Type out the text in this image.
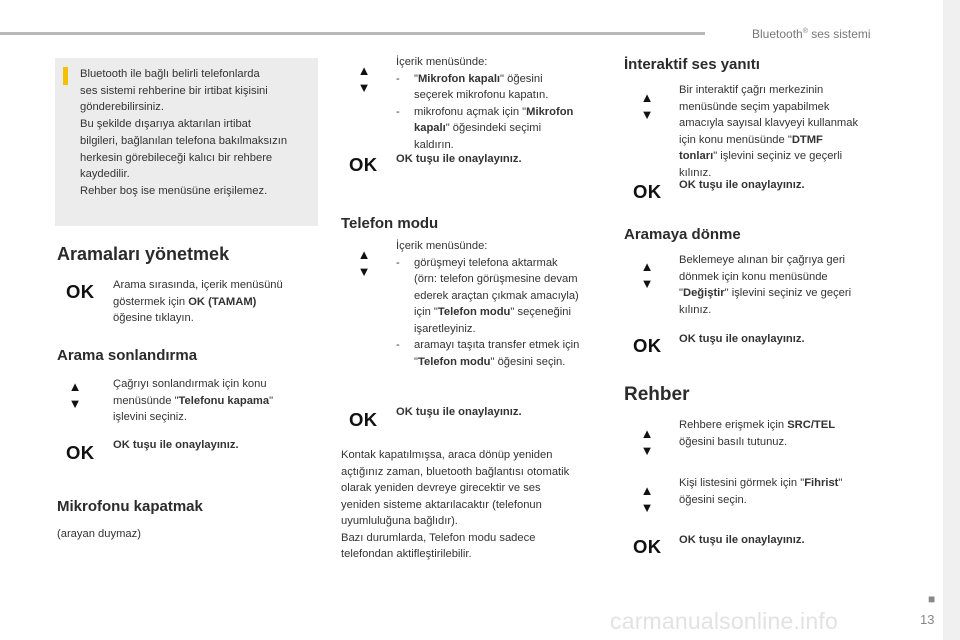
Bluetooth® ses sistemi
■
13
carmanualsonline.info
Bluetooth ile bağlı belirli telefonlarda
ses sistemi rehberine bir irtibat kişisini
gönderebilirsiniz.
Bu şekilde dışarıya aktarılan irtibat
bilgileri, bağlanılan telefona bakılmaksızın
herkesin görebileceği kalıcı bir rehbere
kaydedilir.
Rehber boş ise menüsüne erişilemez.
Aramaları yönetmek
OK Arama sırasında, içerik menüsünü
göstermek için OK (TAMAM)
öğesine tıklayın.
Arama sonlandırma
▲
▼
Çağrıyı sonlandırmak için konu
menüsünde "Telefonu kapama"
işlevini seçiniz.
OK OK tuşu ile onaylayınız.
Mikrofonu kapatmak
(arayan duymaz)
▲
▼
İçerik menüsünde:
- "Mikrofon kapalı" öğesini
seçerek mikrofonu kapatın.
- mikrofonu açmak için "Mikrofon
kapalı" öğesindeki seçimi
kaldırın.
OK OK tuşu ile onaylayınız.
Telefon modu
▲
▼
İçerik menüsünde:
- görüşmeyi telefona aktarmak
(örn: telefon görüşmesine devam
ederek araçtan çıkmak amacıyla)
için "Telefon modu" seçeneğini
işaretleyiniz.
- aramayı taşıta transfer etmek için
"Telefon modu" öğesini seçin.
OK OK tuşu ile onaylayınız.
Kontak kapatılmışsa, araca dönüp yeniden
açtığınız zaman, bluetooth bağlantısı otomatik
olarak yeniden devreye girecektir ve ses
yeniden sisteme aktarılacaktır (telefonun
uyumluluğuna bağlıdır).
Bazı durumlarda, Telefon modu sadece
telefondan aktifleştirilebilir.
İnteraktif ses yanıtı
▲
▼
Bir interaktif çağrı merkezinin
menüsünde seçim yapabilmek
amacıyla sayısal klavyeyi kullanmak
için konu menüsünde "DTMF
tonları" işlevini seçiniz ve geçerli
kılınız.
OK OK tuşu ile onaylayınız.
Aramaya dönme
▲
▼
Beklemeye alınan bir çağrıya geri
dönmek için konu menüsünde
"Değiştir" işlevini seçiniz ve geçeri
kılınız.
OK OK tuşu ile onaylayınız.
Rehber
▲
▼
Rehbere erişmek için SRC/TEL
öğesini basılı tutunuz.
▲
▼
Kişi listesini görmek için "Fihrist"
öğesini seçin.
OK OK tuşu ile onaylayınız.
